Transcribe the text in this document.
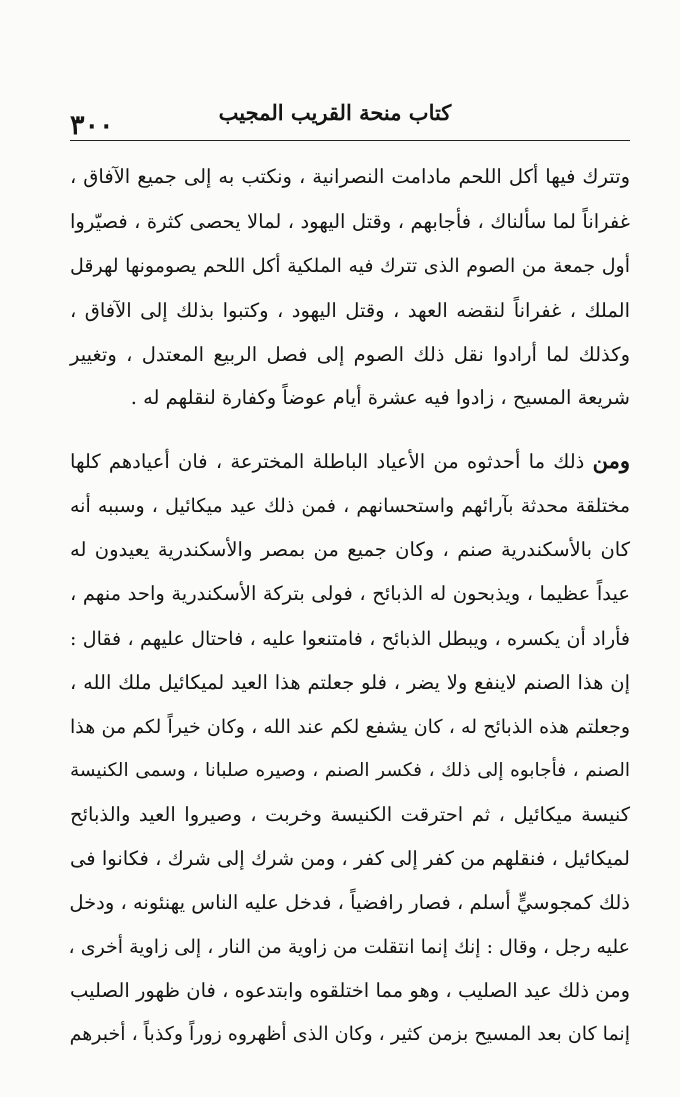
٣٠٠	كتاب منحة القريب المجيب
وتترك فيها أكل اللحم مادامت النصرانية ، ونكتب به إلى جميع الآفاق ،
غفراناً لما سألناك ، فأجابهم ، وقتل اليهود ، لمالا يحصى كثرة ، فصيّروا
أول جمعة من الصوم الذى تترك فيه الملكية أكل اللحم يصومونها لهرقل
الملك ، غفراناً لنقضه العهد ، وقتل اليهود ، وكتبوا بذلك إلى الآفاق ،
وكذلك لما أرادوا نقل ذلك الصوم إلى فصل الربيع المعتدل ، وتغيير
شريعة المسيح ، زادوا فيه عشرة أيام عوضاً وكفارة لنقلهم له .
ومن ذلك ما أحدثوه من الأعياد الباطلة المخترعة ، فان أعيادهم كلها
مختلقة محدثة بآرائهم واستحسانهم ، فمن ذلك عيد ميكائيل ، وسببه أنه
كان بالأسكندرية صنم ، وكان جميع من بمصر والأسكندرية يعيدون له
عيداً عظيما ، ويذبحون له الذبائح ، فولى بتركة الأسكندرية واحد منهم ،
فأراد أن يكسره ، ويبطل الذبائح ، فامتنعوا عليه ، فاحتال عليهم ، فقال :
إن هذا الصنم لاينفع ولا يضر ، فلو جعلتم هذا العيد لميكائيل ملك الله ،
وجعلتم هذه الذبائح له ، كان يشفع لكم عند الله ، وكان خيراً لكم من هذا
الصنم ، فأجابوه إلى ذلك ، فكسر الصنم ، وصيره صلبانا ، وسمى الكنيسة
كنيسة ميكائيل ، ثم احترقت الكنيسة وخربت ، وصيروا العيد والذبائح
لميكائيل ، فنقلهم من كفر إلى كفر ، ومن شرك إلى شرك ، فكانوا فى
ذلك كمجوسيٍّ أسلم ، فصار رافضياً ، فدخل عليه الناس يهنئونه ، ودخل
عليه رجل ، وقال : إنك إنما انتقلت من زاوية من النار ، إلى زاوية أخرى ،
ومن ذلك عيد الصليب ، وهو مما اختلقوه وابتدعوه ، فان ظهور الصليب
إنما كان بعد المسيح بزمن كثير ، وكان الذى أظهروه زوراً وكذباً ، أخبرهم
